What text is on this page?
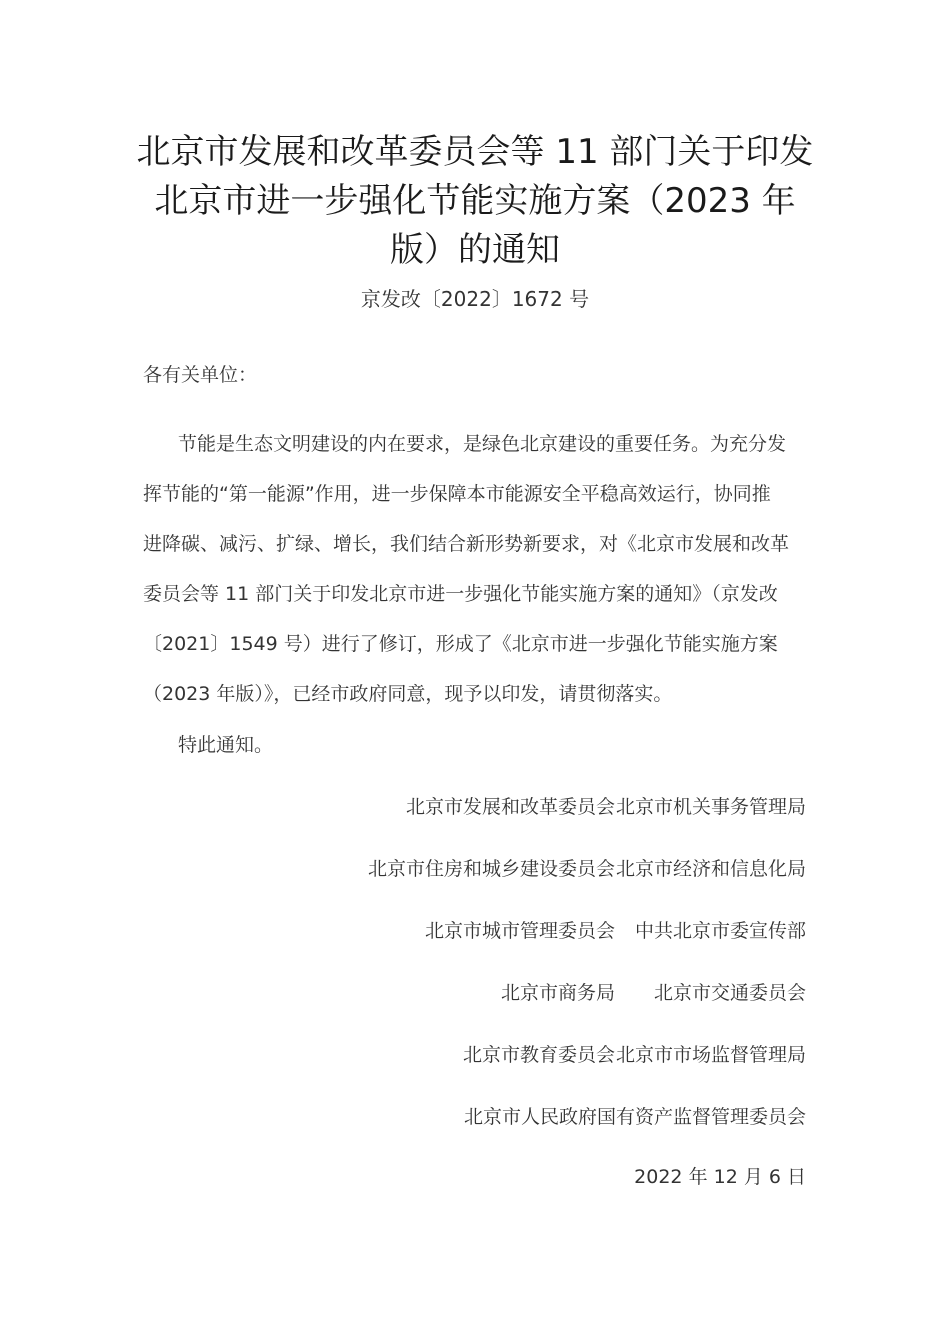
北京市发展和改革委员会等 11 部门关于印发
北京市进一步强化节能实施方案（2023 年
版）的通知
京发改〔2022〕1672 号
各有关单位：
节能是生态文明建设的内在要求，是绿色北京建设的重要任务。为充分发
挥节能的“第一能源”作用，进一步保障本市能源安全平稳高效运行，协同推
进降碳、减污、扩绿、增长，我们结合新形势新要求，对《北京市发展和改革
委员会等 11 部门关于印发北京市进一步强化节能实施方案的通知》（京发改
〔2021〕1549 号）进行了修订，形成了《北京市进一步强化节能实施方案
（2023 年版）》，已经市政府同意，现予以印发，请贯彻落实。
特此通知。
北京市发展和改革委员会 北京市机关事务管理局
北京市住房和城乡建设委员会 北京市经济和信息化局
北京市城市管理委员会	中共北京市委宣传部
北京市商务局	北京市交通委员会
北京市教育委员会 北京市市场监督管理局
北京市人民政府国有资产监督管理委员会
2022 年 12 月 6 日
